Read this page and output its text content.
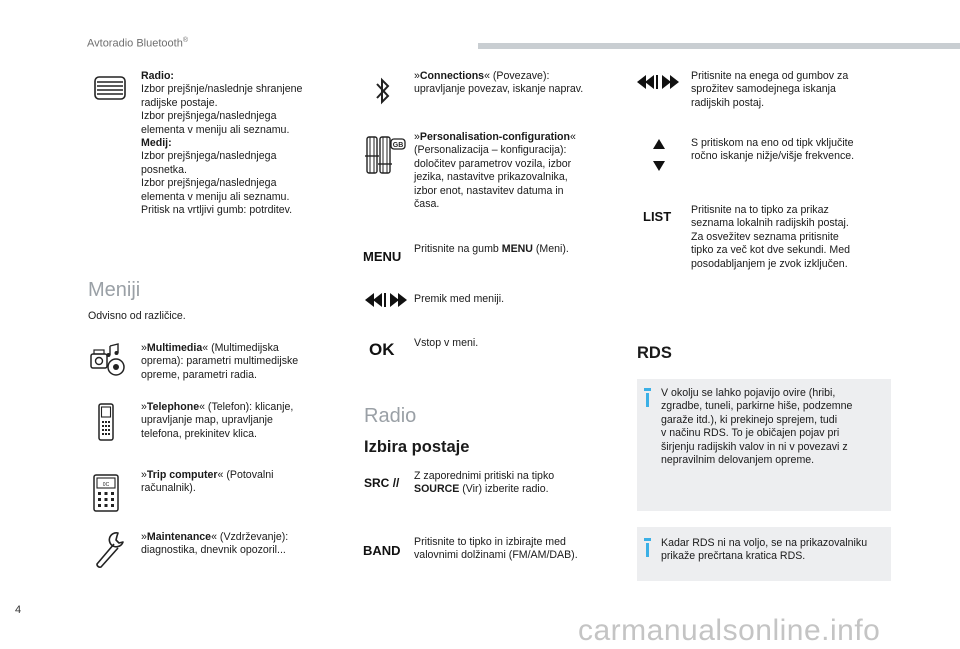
Avtoradio Bluetooth®
Radio:
Izbor prejšnje/naslednje shranjene
radijske postaje.
Izbor prejšnjega/naslednjega
elementa v meniju ali seznamu.
Medij:
Izbor prejšnjega/naslednjega
posnetka.
Izbor prejšnjega/naslednjega
elementa v meniju ali seznamu.
Pritisk na vrtljivi gumb: potrditev.
Meniji
Odvisno od različice.
»Multimedia« (Multimedijska
oprema): parametri multimedijske
opreme, parametri radia.
»Telephone« (Telefon): klicanje,
upravljanje map, upravljanje
telefona, prekinitev klica.
0C
»Trip computer« (Potovalni
računalnik).
»Maintenance« (Vzdrževanje):
diagnostika, dnevnik opozoril...
»Connections« (Povezave):
upravljanje povezav, iskanje naprav.
GB
»Personalisation-configuration«
(Personalizacija – konfiguracija):
določitev parametrov vozila, izbor
jezika, nastavitve prikazovalnika,
izbor enot, nastavitev datuma in
časa.
MENU Pritisnite na gumb MENU (Meni).
Premik med meniji.
OK Vstop v meni.
Radio
Izbira postaje
SRC // Z zaporednimi pritiski na tipko
SOURCE (Vir) izberite radio.
BAND
Pritisnite to tipko in izbirajte med
valovnimi dolžinami (FM/AM/DAB).
Pritisnite na enega od gumbov za
sprožitev samodejnega iskanja
radijskih postaj.
S pritiskom na eno od tipk vključite
ročno iskanje nižje/višje frekvence.
LIST Pritisnite na to tipko za prikaz
seznama lokalnih radijskih postaj.
Za osvežitev seznama pritisnite
tipko za več kot dve sekundi. Med
posodabljanjem je zvok izključen.
RDS
V okolju se lahko pojavijo ovire (hribi,
zgradbe, tuneli, parkirne hiše, podzemne
garaže itd.), ki prekinejo sprejem, tudi
v načinu RDS. To je običajen pojav pri
širjenju radijskih valov in ni v povezavi z
nepravilnim delovanjem opreme.
Kadar RDS ni na voljo, se na prikazovalniku
prikaže prečrtana kratica RDS.
4
carmanualsonline.info
